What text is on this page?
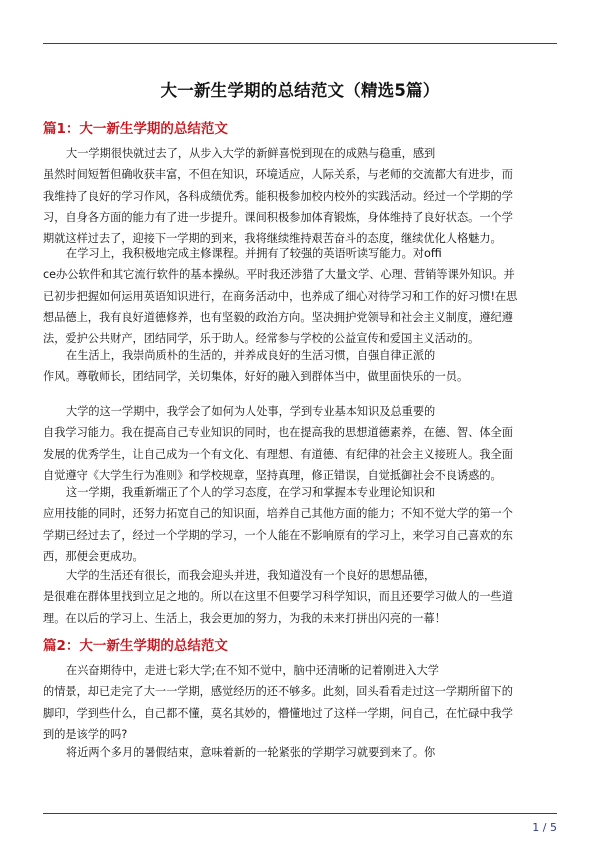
大一新生学期的总结范文（精选5篇）
篇1：大一新生学期的总结范文

大一学期很快就过去了，从步入大学的新鲜喜悦到现在的成熟与稳重，感到
虽然时间短暂但确收获丰富，不但在知识，环境适应，人际关系，与老师的交流都大有进步，而
我维持了良好的学习作风，各科成绩优秀。能积极参加校内校外的实践活动。经过一个学期的学
习，自身各方面的能力有了进一步提升。课间积极参加体育锻炼，身体维持了良好状态。一个学
期就这样过去了，迎接下一学期的到来，我将继续维持艰苦奋斗的态度，继续优化人格魅力。

在学习上，我积极地完成主修课程。并拥有了较强的英语听读写能力。对offi
ce办公软件和其它流行软件的基本操纵。平时我还涉猎了大量文学、心理、营销等课外知识。并
已初步把握如何运用英语知识进行，在商务活动中，也养成了细心对待学习和工作的好习惯!在思
想品德上，我有良好道德修养，也有坚毅的政治方向。坚决拥护党领导和社会主义制度，遵纪遵
法，爱护公共财产，团结同学，乐于助人。经常参与学校的公益宣传和爱国主义活动的。

在生活上，我崇尚质朴的生活的，并养成良好的生活习惯，自强自律正派的
作风。尊敬师长，团结同学，关切集体，好好的融入到群体当中，做里面快乐的一员。

大学的这一学期中，我学会了如何为人处事，学到专业基本知识及总重要的
自我学习能力。我在提高自己专业知识的同时，也在提高我的思想道德素养，在德、智、体全面
发展的优秀学生，让自己成为一个有文化、有理想、有道德、有纪律的社会主义接班人。我全面
自觉遵守《大学生行为准则》和学校规章，坚持真理，修正错误，自觉抵御社会不良诱惑的。

这一学期，我重新端正了个人的学习态度，在学习和掌握本专业理论知识和
应用技能的同时，还努力拓宽自己的知识面，培养自己其他方面的能力；不知不觉大学的第一个
学期已经过去了，经过一个学期的学习，一个人能在不影响原有的学习上，来学习自己喜欢的东
西，那便会更成功。

大学的生活还有很长，而我会迎头并进，我知道没有一个良好的思想品德，
是很难在群体里找到立足之地的。所以在这里不但要学习科学知识，而且还要学习做人的一些道
理。在以后的学习上、生活上，我会更加的努力，为我的未来打拼出闪亮的一幕！

篇2：大一新生学期的总结范文

在兴奋期待中，走进七彩大学;在不知不觉中，脑中还清晰的记着刚进入大学
的情景，却已走完了大一一学期，感觉经历的还不够多。此刻，回头看看走过这一学期所留下的
脚印，学到些什么，自己都不懂，莫名其妙的，懵懂地过了这样一学期，问自己，在忙碌中我学
到的是该学的吗?

将近两个多月的暑假结束，意味着新的一轮紧张的学期学习就要到来了。你

1 / 5
